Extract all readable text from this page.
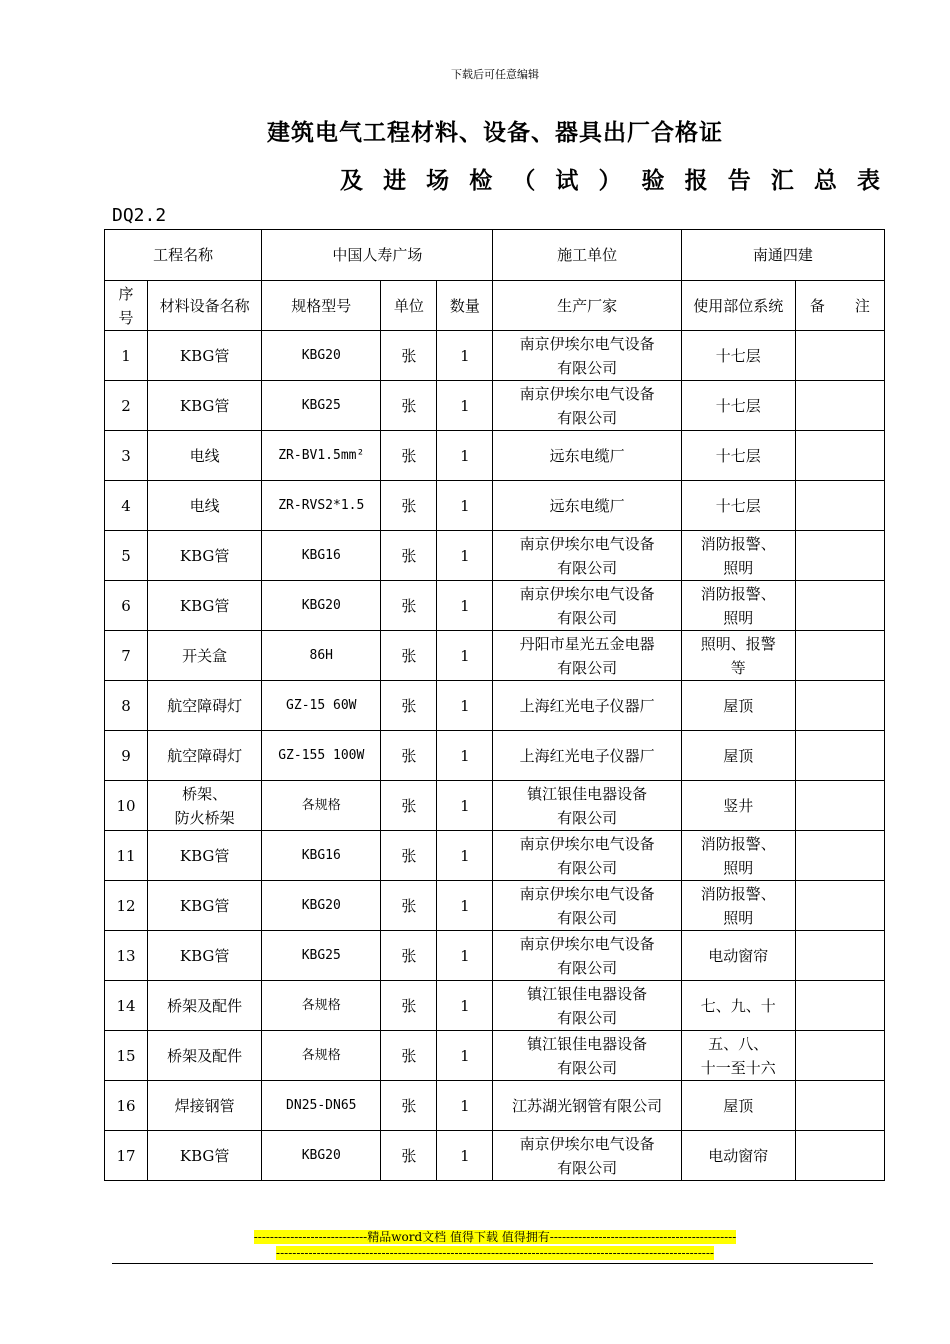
下载后可任意编辑
建筑电气工程材料、设备、器具出厂合格证
及 进 场 检 （ 试 ） 验 报 告 汇 总 表
DQ2.2
工程名称		中国人寿广场			施工单位	南通四建	
序
号	材料设备名称	规格型号	单位	数量	生产厂家	使用部位系统	备　　注
1	KBG管	KBG20	张	1	南京伊埃尔电气设备
有限公司	十七层	
2	KBG管	KBG25	张	1	南京伊埃尔电气设备
有限公司	十七层	
3	电线	ZR-BV1.5mm²	张	1	远东电缆厂	十七层	
4	电线	ZR-RVS2*1.5	张	1	远东电缆厂	十七层	
5	KBG管	KBG16	张	1	南京伊埃尔电气设备
有限公司	消防报警、
照明	
6	KBG管	KBG20	张	1	南京伊埃尔电气设备
有限公司	消防报警、
照明	
7	开关盒	86H	张	1	丹阳市星光五金电器
有限公司	照明、报警
等	
8	航空障碍灯	GZ-15 60W	张	1	上海红光电子仪器厂	屋顶	
9	航空障碍灯	GZ-155 100W	张	1	上海红光电子仪器厂	屋顶	
10	桥架、
防火桥架	各规格	张	1	镇江银佳电器设备
有限公司	竖井	
11	KBG管	KBG16	张	1	南京伊埃尔电气设备
有限公司	消防报警、
照明	
12	KBG管	KBG20	张	1	南京伊埃尔电气设备
有限公司	消防报警、
照明	
13	KBG管	KBG25	张	1	南京伊埃尔电气设备
有限公司	电动窗帘	
14	桥架及配件	各规格	张	1	镇江银佳电器设备
有限公司	七、九、十	
15	桥架及配件	各规格	张	1	镇江银佳电器设备
有限公司	五、八、
十一至十六	
16	焊接钢管	DN25-DN65	张	1	江苏湖光钢管有限公司	屋顶	
17	KBG管	KBG20	张	1	南京伊埃尔电气设备
有限公司	电动窗帘	
----------------------------精品word文档 值得下载 值得拥有----------------------------------------------
------------------------------------------------------------------------------------------------------------
